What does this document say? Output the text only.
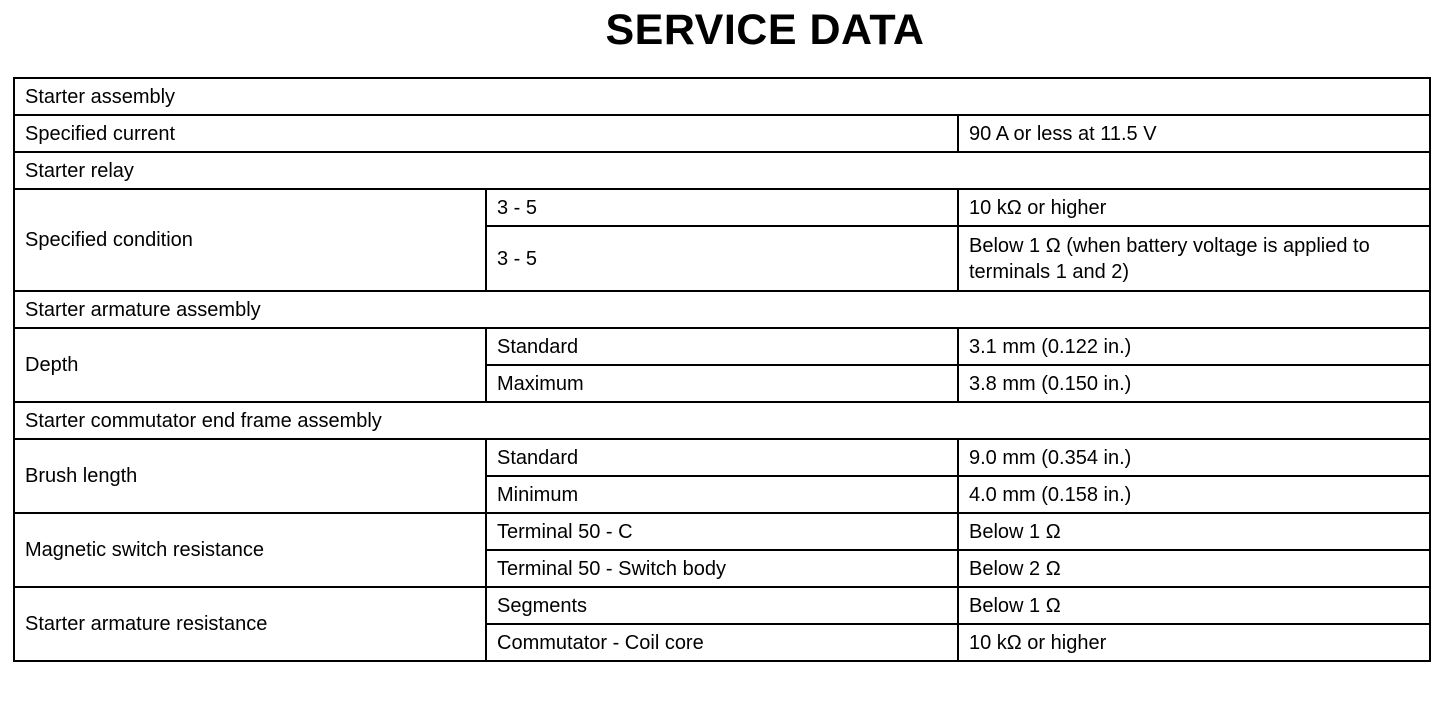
SERVICE DATA
Starter assembly		
Specified current		90 A or less at 11.5 V
Starter relay		
Specified condition	3 - 5	10 kΩ or higher
	3 - 5	Below 1 Ω (when battery voltage is applied to terminals 1 and 2)
Starter armature assembly		
Depth	Standard	3.1 mm (0.122 in.)
	Maximum	3.8 mm (0.150 in.)
Starter commutator end frame assembly		
Brush length	Standard	9.0 mm (0.354 in.)
	Minimum	4.0 mm (0.158 in.)
Magnetic switch resistance	Terminal 50 - C	Below 1 Ω
	Terminal 50 - Switch body	Below 2 Ω
Starter armature resistance	Segments	Below 1 Ω
	Commutator - Coil core	10 kΩ or higher
